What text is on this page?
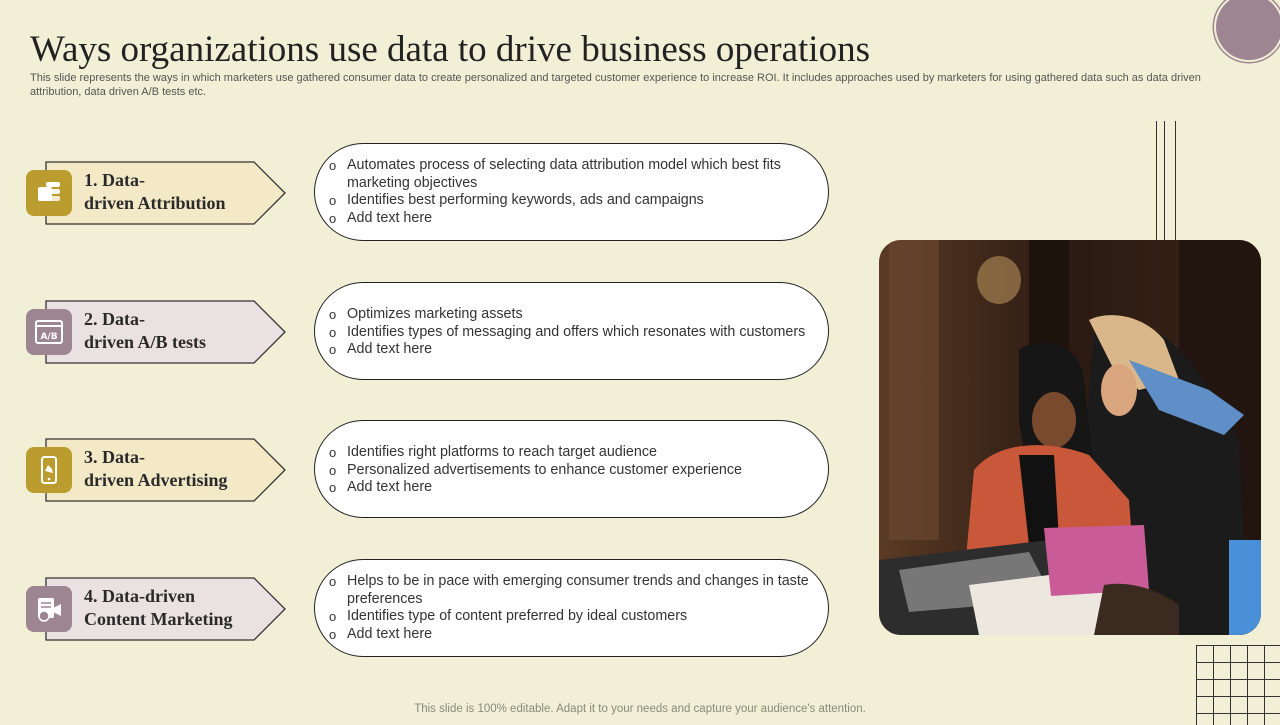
Ways organizations use data to drive business operations
This slide represents the ways in which marketers use gathered consumer data to create personalized and targeted customer experience to increase ROI. It includes approaches used by marketers for using gathered data such as data driven attribution, data driven A/B tests etc.
1. Data-
driven Attribution
o Automates process of selecting data attribution model which best fits marketing objectives
o Identifies best performing keywords, ads and campaigns
o Add text here
A/B
2. Data-
driven A/B tests
o Optimizes marketing assets
o Identifies types of messaging and offers which resonates with customers
o Add text here
3. Data-
driven Advertising
o Identifies right platforms to reach target audience
o Personalized advertisements to enhance customer experience
o Add text here
4. Data-driven
Content Marketing
o Helps to be in pace with emerging consumer trends and changes in taste preferences
o Identifies type of content preferred by ideal customers
o Add text here
This slide is 100% editable. Adapt it to your needs and capture your audience's attention.
